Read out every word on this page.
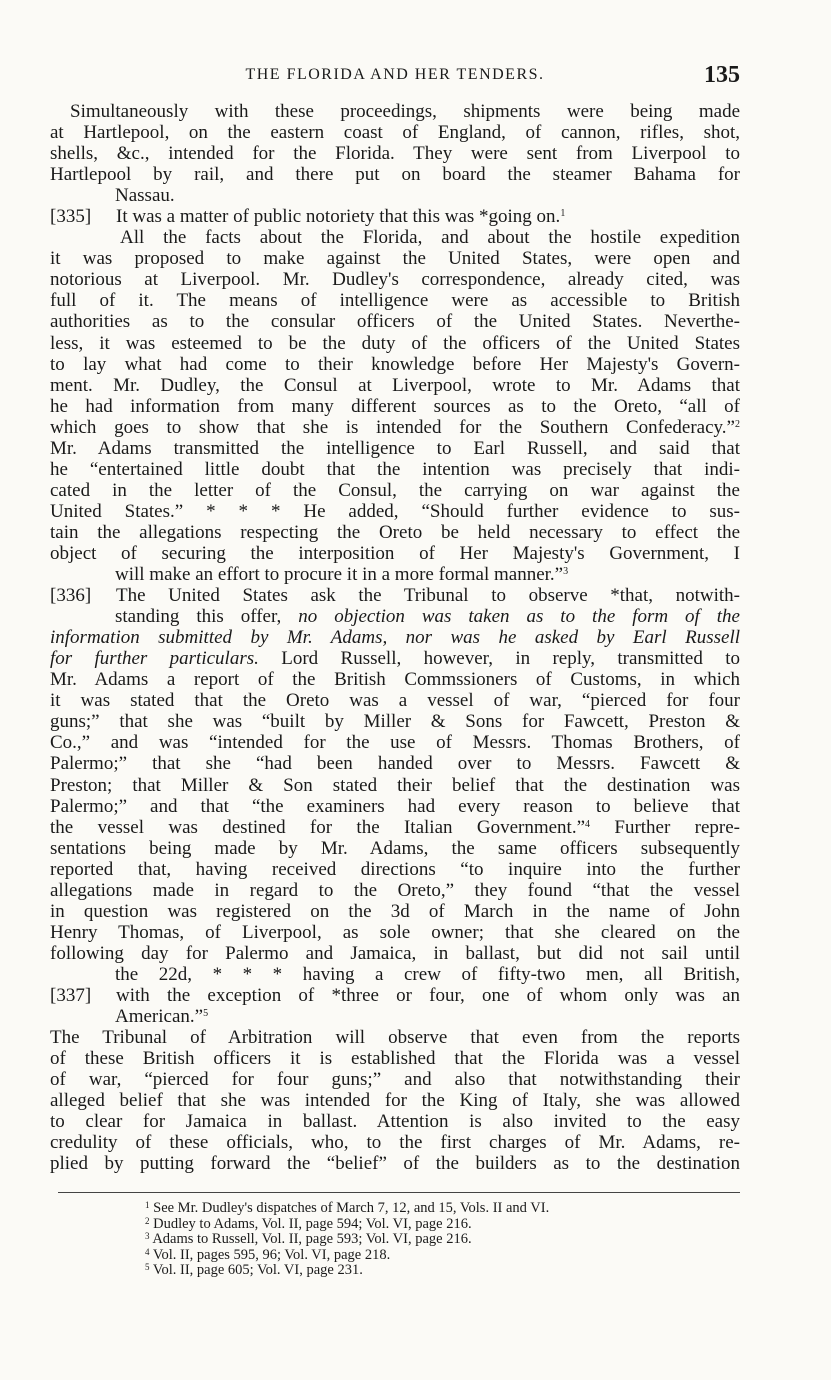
THE FLORIDA AND HER TENDERS.	135
Simultaneously with these proceedings, shipments were being made
at Hartlepool, on the eastern coast of England, of cannon, rifles, shot,
shells, &c., intended for the Florida. They were sent from Liverpool to
Hartlepool by rail, and there put on board the steamer Bahama for
Nassau.
[335] It was a matter of public notoriety that this was *going on.$^1$
All the facts about the Florida, and about the hostile expedition
it was proposed to make against the United States, were open and
notorious at Liverpool. Mr. Dudley's correspondence, already cited, was
full of it. The means of intelligence were as accessible to British
authorities as to the consular officers of the United States. Neverthe-
less, it was esteemed to be the duty of the officers of the United States
to lay what had come to their knowledge before Her Majesty's Govern-
ment. Mr. Dudley, the Consul at Liverpool, wrote to Mr. Adams that
he had information from many different sources as to the Oreto, “all of
which goes to show that she is intended for the Southern Confederacy.”$^2$
Mr. Adams transmitted the intelligence to Earl Russell, and said that
he “entertained little doubt that the intention was precisely that indi-
cated in the letter of the Consul, the carrying on war against the
United States.” * * * He added, “Should further evidence to sus-
tain the allegations respecting the Oreto be held necessary to effect the
object of securing the interposition of Her Majesty's Government, I
will make an effort to procure it in a more formal manner.”$^3$
[336] The United States ask the Tribunal to observe *that, notwith-
standing this offer, no objection was taken as to the form of the
information submitted by Mr. Adams, nor was he asked by Earl Russell
for further particulars. Lord Russell, however, in reply, transmitted to
Mr. Adams a report of the British Commssioners of Customs, in which
it was stated that the Oreto was a vessel of war, “pierced for four
guns;” that she was “built by Miller & Sons for Fawcett, Preston &
Co.,” and was “intended for the use of Messrs. Thomas Brothers, of
Palermo;” that she “had been handed over to Messrs. Fawcett &
Preston; that Miller & Son stated their belief that the destination was
Palermo;” and that “the examiners had every reason to believe that
the vessel was destined for the Italian Government.”$^4$ Further repre-
sentations being made by Mr. Adams, the same officers subsequently
reported that, having received directions “to inquire into the further
allegations made in regard to the Oreto,” they found “that the vessel
in question was registered on the 3d of March in the name of John
Henry Thomas, of Liverpool, as sole owner; that she cleared on the
following day for Palermo and Jamaica, in ballast, but did not sail until
the 22d, * * * having a crew of fifty-two men, all British,
[337] with the exception of *three or four, one of whom only was an
American.”$^5$
The Tribunal of Arbitration will observe that even from the reports
of these British officers it is established that the Florida was a vessel
of war, “pierced for four guns;” and also that notwithstanding their
alleged belief that she was intended for the King of Italy, she was allowed
to clear for Jamaica in ballast. Attention is also invited to the easy
credulity of these officials, who, to the first charges of Mr. Adams, re-
plied by putting forward the “belief” of the builders as to the destination
$^1$ See Mr. Dudley's dispatches of March 7, 12, and 15, Vols. II and VI.
$^2$ Dudley to Adams, Vol. II, page 594; Vol. VI, page 216.
$^3$ Adams to Russell, Vol. II, page 593; Vol. VI, page 216.
$^4$ Vol. II, pages 595, 96; Vol. VI, page 218.
$^5$ Vol. II, page 605; Vol. VI, page 231.
